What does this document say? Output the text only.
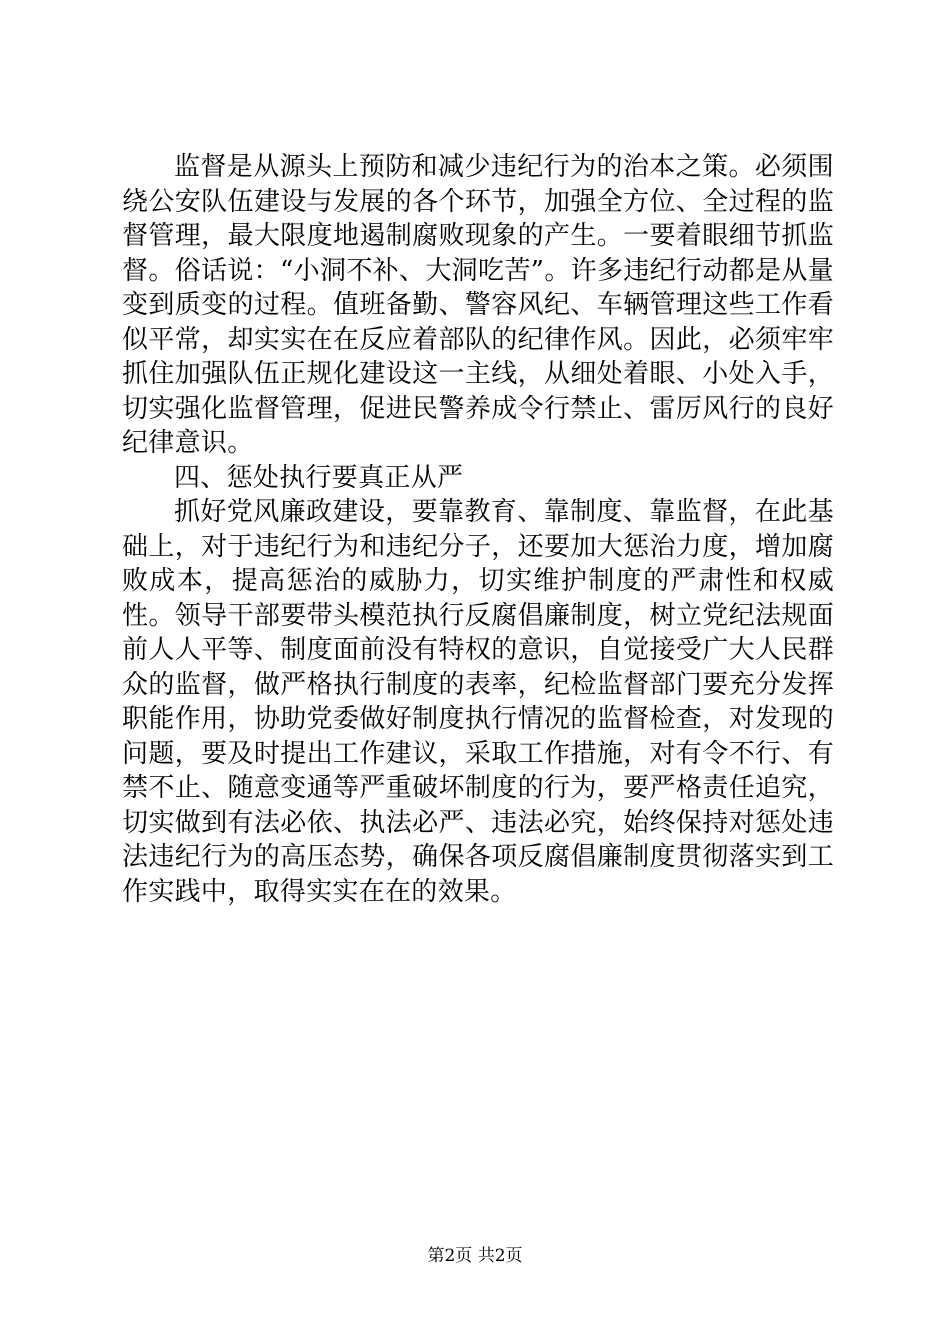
监督是从源头上预防和减少违纪行为的治本之策。必须围绕公安队伍建设与发展的各个环节，加强全方位、全过程的监督管理，最大限度地遏制腐败现象的产生。一要着眼细节抓监督。俗话说：“小洞不补、大洞吃苦”。许多违纪行动都是从量变到质变的过程。值班备勤、警容风纪、车辆管理这些工作看似平常，却实实在在反应着部队的纪律作风。因此，必须牢牢抓住加强队伍正规化建设这一主线，从细处着眼、小处入手，切实强化监督管理，促进民警养成令行禁止、雷厉风行的良好纪律意识。

四、惩处执行要真正从严

抓好党风廉政建设，要靠教育、靠制度、靠监督，在此基础上，对于违纪行为和违纪分子，还要加大惩治力度，增加腐败成本，提高惩治的威胁力，切实维护制度的严肃性和权威性。领导干部要带头模范执行反腐倡廉制度，树立党纪法规面前人人平等、制度面前没有特权的意识，自觉接受广大人民群众的监督，做严格执行制度的表率，纪检监督部门要充分发挥职能作用，协助党委做好制度执行情况的监督检查，对发现的问题，要及时提出工作建议，采取工作措施，对有令不行、有禁不止、随意变通等严重破坏制度的行为，要严格责任追究，切实做到有法必依、执法必严、违法必究，始终保持对惩处违法违纪行为的高压态势，确保各项反腐倡廉制度贯彻落实到工作实践中，取得实实在在的效果。

第2页 共2页
